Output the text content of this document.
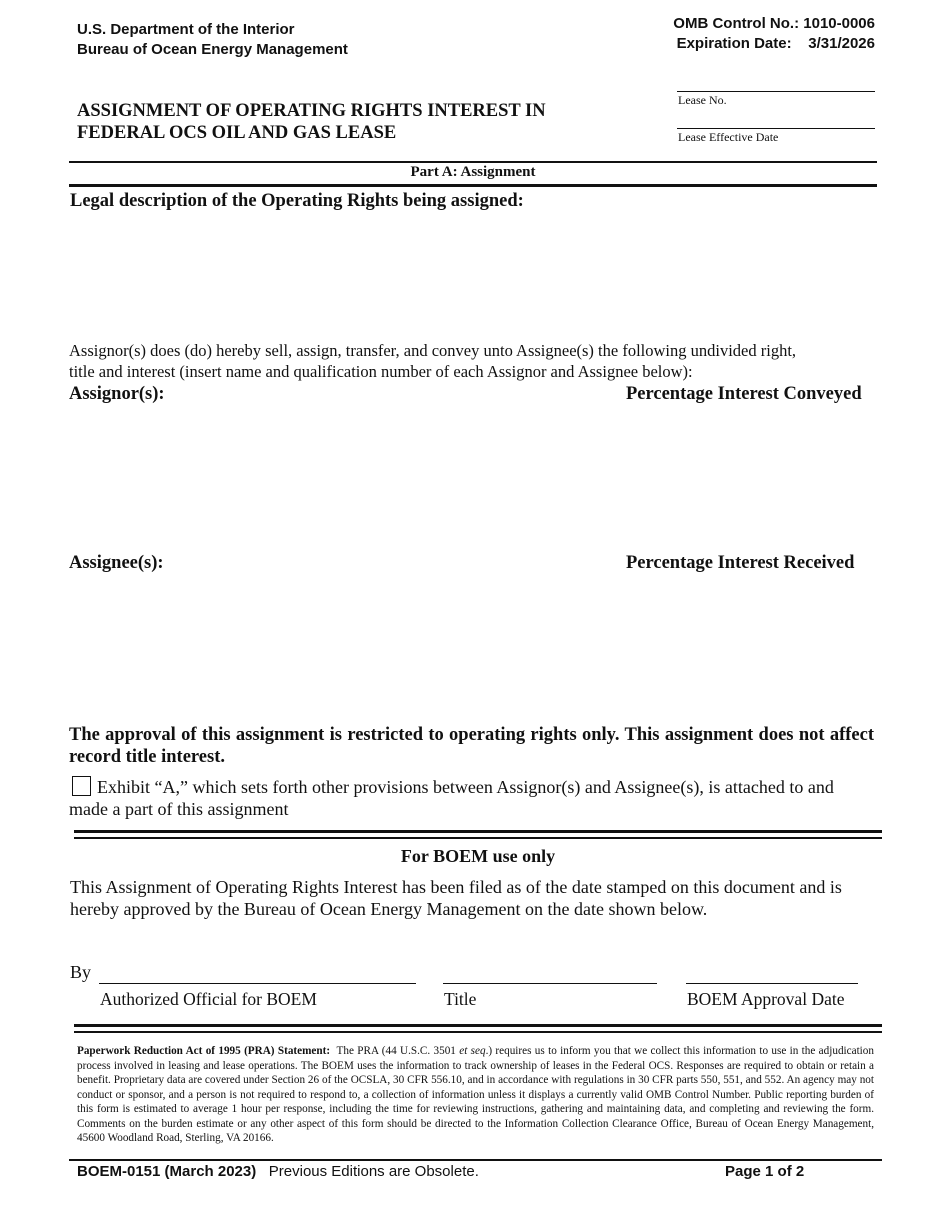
U.S. Department of the Interior
Bureau of Ocean Energy Management
OMB Control No.: 1010-0006
Expiration Date: 3/31/2026
ASSIGNMENT OF OPERATING RIGHTS INTEREST IN
FEDERAL OCS OIL AND GAS LEASE
Lease No.
Lease Effective Date
Part A: Assignment
Legal description of the Operating Rights being assigned:
Assignor(s) does (do) hereby sell, assign, transfer, and convey unto Assignee(s) the following undivided right,
title and interest (insert name and qualification number of each Assignor and Assignee below):
Assignor(s):	Percentage Interest Conveyed
Assignee(s):	Percentage Interest Received
The approval of this assignment is restricted to operating rights only. This assignment does not affect record title interest.
Exhibit “A,” which sets forth other provisions between Assignor(s) and Assignee(s), is attached to and
made a part of this assignment
For BOEM use only
This Assignment of Operating Rights Interest has been filed as of the date stamped on this document and is
hereby approved by the Bureau of Ocean Energy Management on the date shown below.
By
Authorized Official for BOEM	Title	BOEM Approval Date
Paperwork Reduction Act of 1995 (PRA) Statement: The PRA (44 U.S.C. 3501 et seq.) requires us to inform you that we collect this information to use in the adjudication process involved in leasing and lease operations. The BOEM uses the information to track ownership of leases in the Federal OCS. Responses are required to obtain or retain a benefit. Proprietary data are covered under Section 26 of the OCSLA, 30 CFR 556.10, and in accordance with regulations in 30 CFR parts 550, 551, and 552. An agency may not conduct or sponsor, and a person is not required to respond to, a collection of information unless it displays a currently valid OMB Control Number. Public reporting burden of this form is estimated to average 1 hour per response, including the time for reviewing instructions, gathering and maintaining data, and completing and reviewing the form. Comments on the burden estimate or any other aspect of this form should be directed to the Information Collection Clearance Office, Bureau of Ocean Energy Management, 45600 Woodland Road, Sterling, VA 20166.
BOEM-0151 (March 2023) Previous Editions are Obsolete.	Page 1 of 2
